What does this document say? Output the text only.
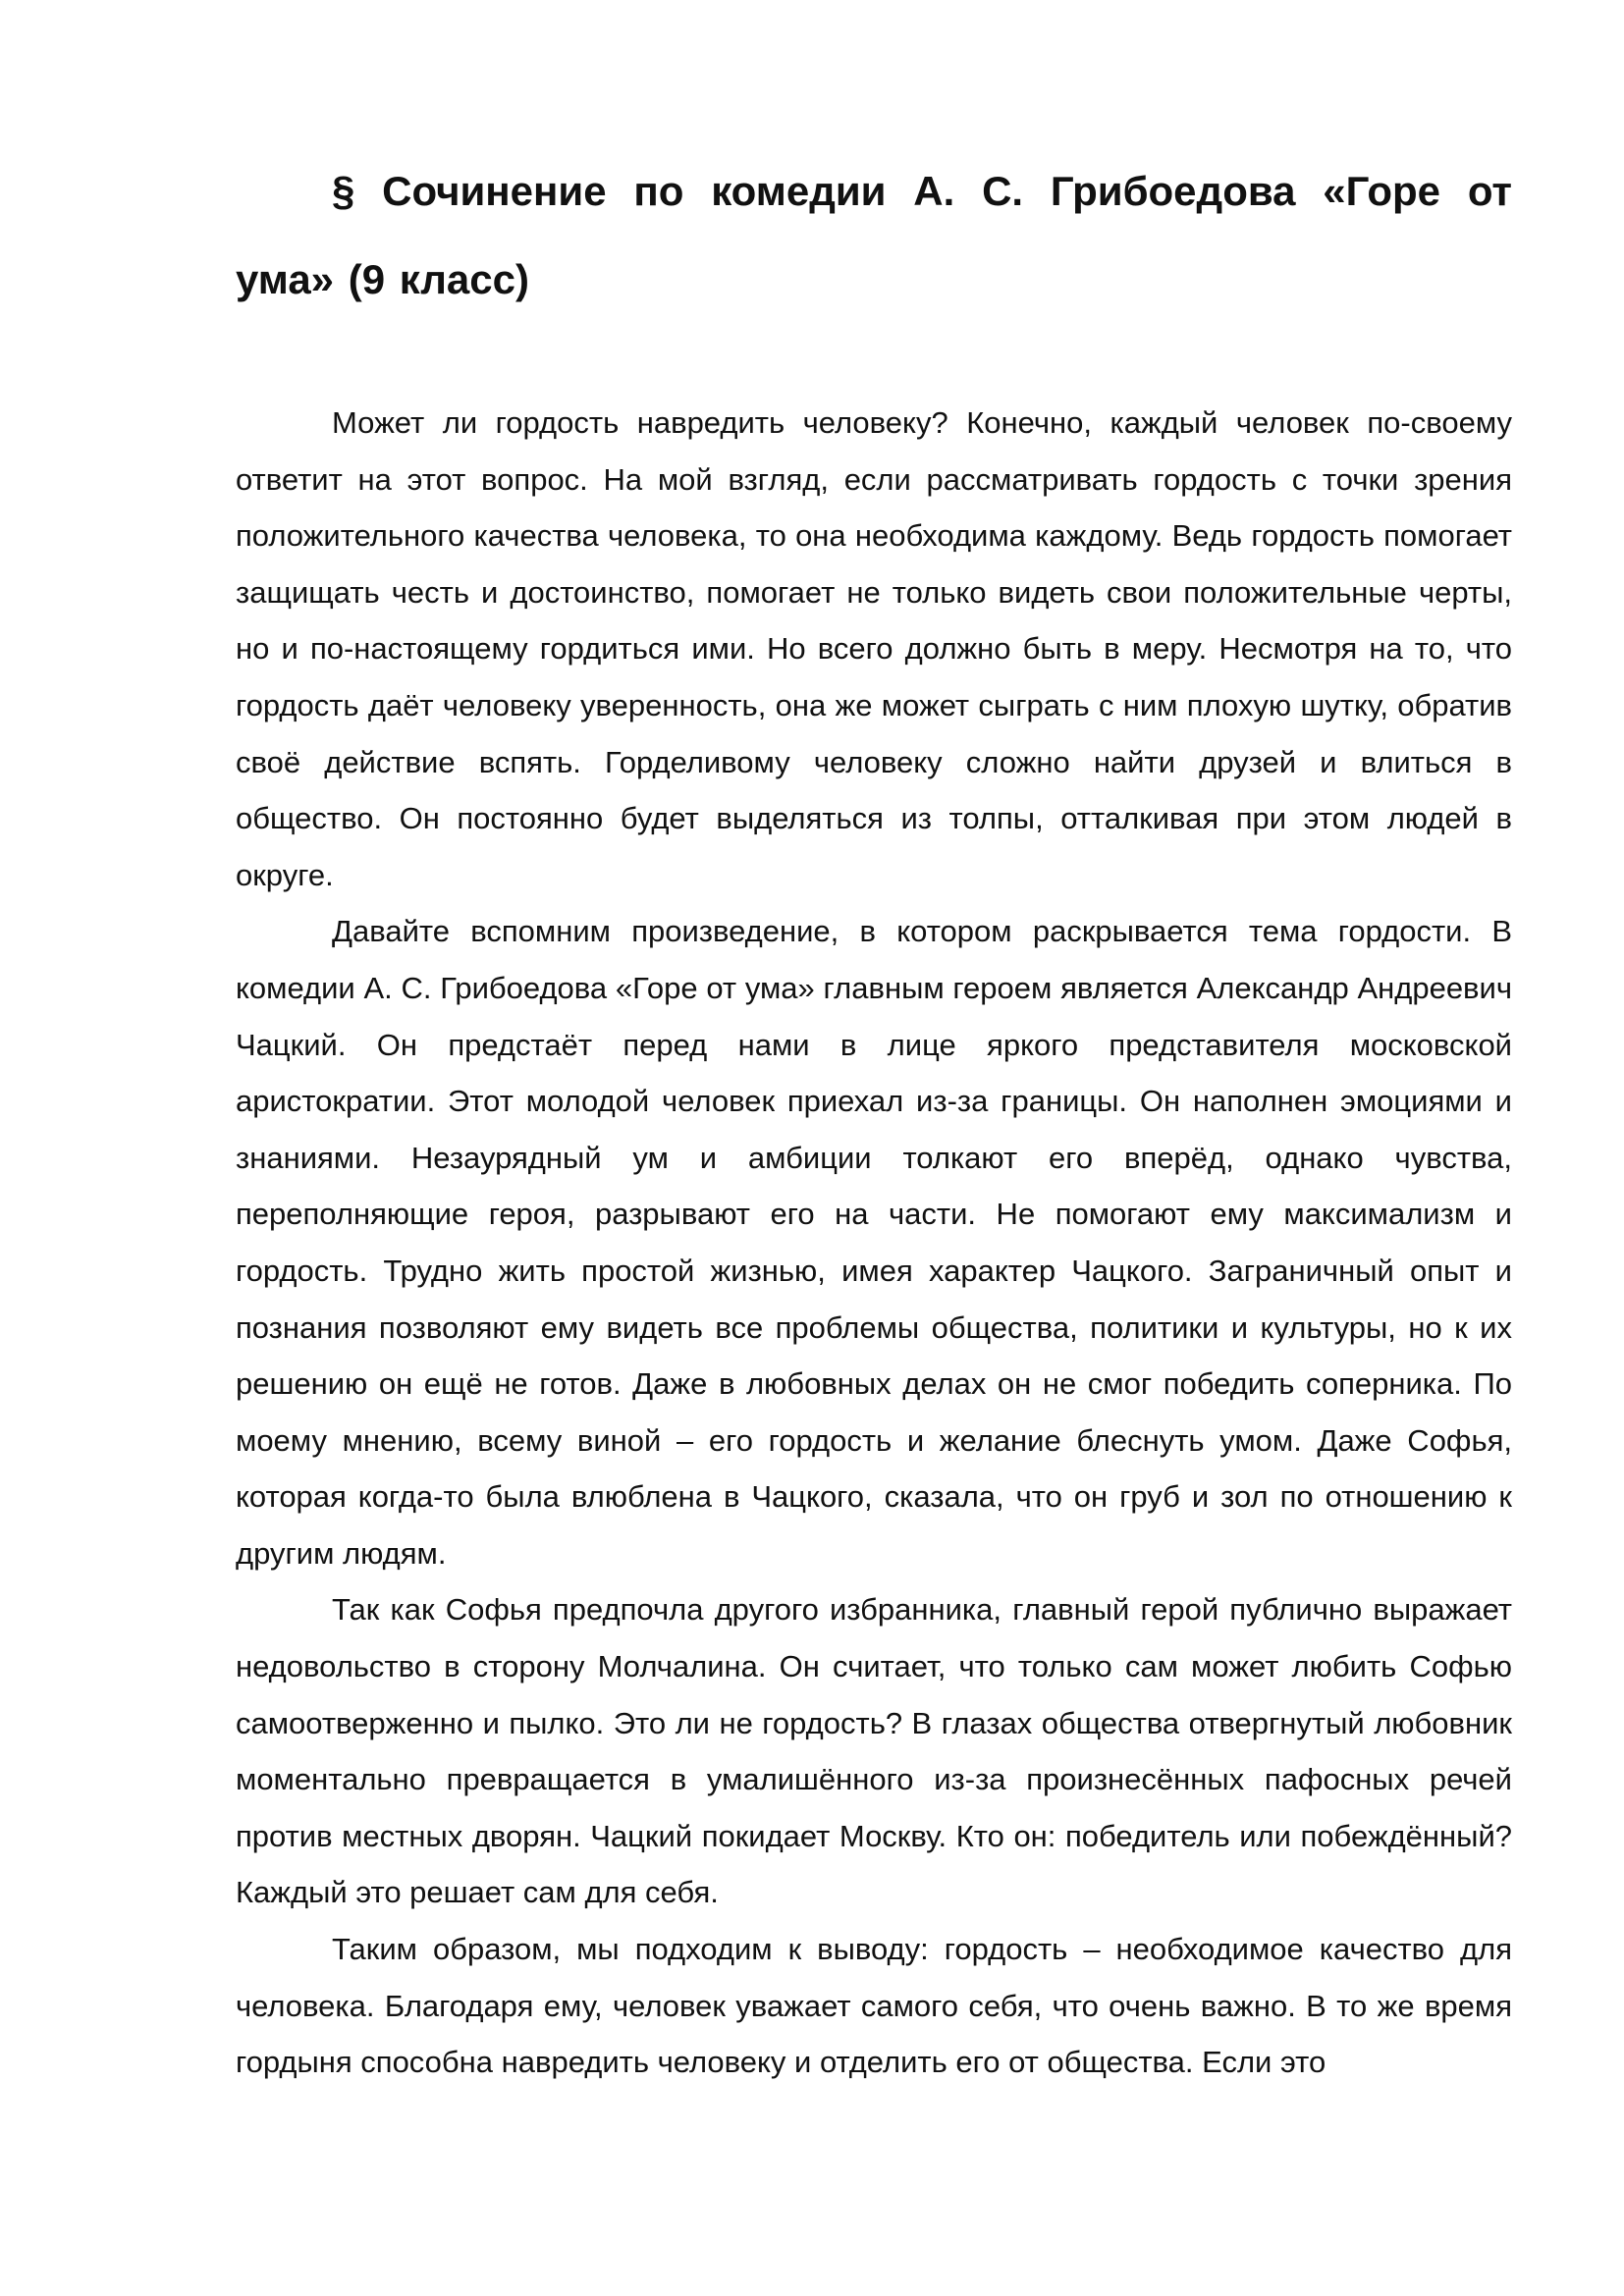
§ Сочинение по комедии А. С. Грибоедова «Горе от ума» (9 класс)

Может ли гордость навредить человеку? Конечно, каждый человек по-своему ответит на этот вопрос. На мой взгляд, если рассматривать гордость с точки зрения положительного качества человека, то она необходима каждому. Ведь гордость помогает защищать честь и достоинство, помогает не только видеть свои положительные черты, но и по-настоящему гордиться ими. Но всего должно быть в меру. Несмотря на то, что гордость даёт человеку уверенность, она же может сыграть с ним плохую шутку, обратив своё действие вспять. Горделивому человеку сложно найти друзей и влиться в общество. Он постоянно будет выделяться из толпы, отталкивая при этом людей в округе.

Давайте вспомним произведение, в котором раскрывается тема гордости. В комедии А. С. Грибоедова «Горе от ума» главным героем является Александр Андреевич Чацкий. Он предстаёт перед нами в лице яркого представителя московской аристократии. Этот молодой человек приехал из-за границы. Он наполнен эмоциями и знаниями. Незаурядный ум и амбиции толкают его вперёд, однако чувства, переполняющие героя, разрывают его на части. Не помогают ему максимализм и гордость. Трудно жить простой жизнью, имея характер Чацкого. Заграничный опыт и познания позволяют ему видеть все проблемы общества, политики и культуры, но к их решению он ещё не готов. Даже в любовных делах он не смог победить соперника. По моему мнению, всему виной – его гордость и желание блеснуть умом. Даже Софья, которая когда-то была влюблена в Чацкого, сказала, что он груб и зол по отношению к другим людям.

Так как Софья предпочла другого избранника, главный герой публично выражает недовольство в сторону Молчалина. Он считает, что только сам может любить Софью самоотверженно и пылко. Это ли не гордость? В глазах общества отвергнутый любовник моментально превращается в умалишённого из-за произнесённых пафосных речей против местных дворян. Чацкий покидает Москву. Кто он: победитель или побеждённый? Каждый это решает сам для себя.

Таким образом, мы подходим к выводу: гордость – необходимое качество для человека. Благодаря ему, человек уважает самого себя, что очень важно. В то же время гордыня способна навредить человеку и отделить его от общества. Если это
